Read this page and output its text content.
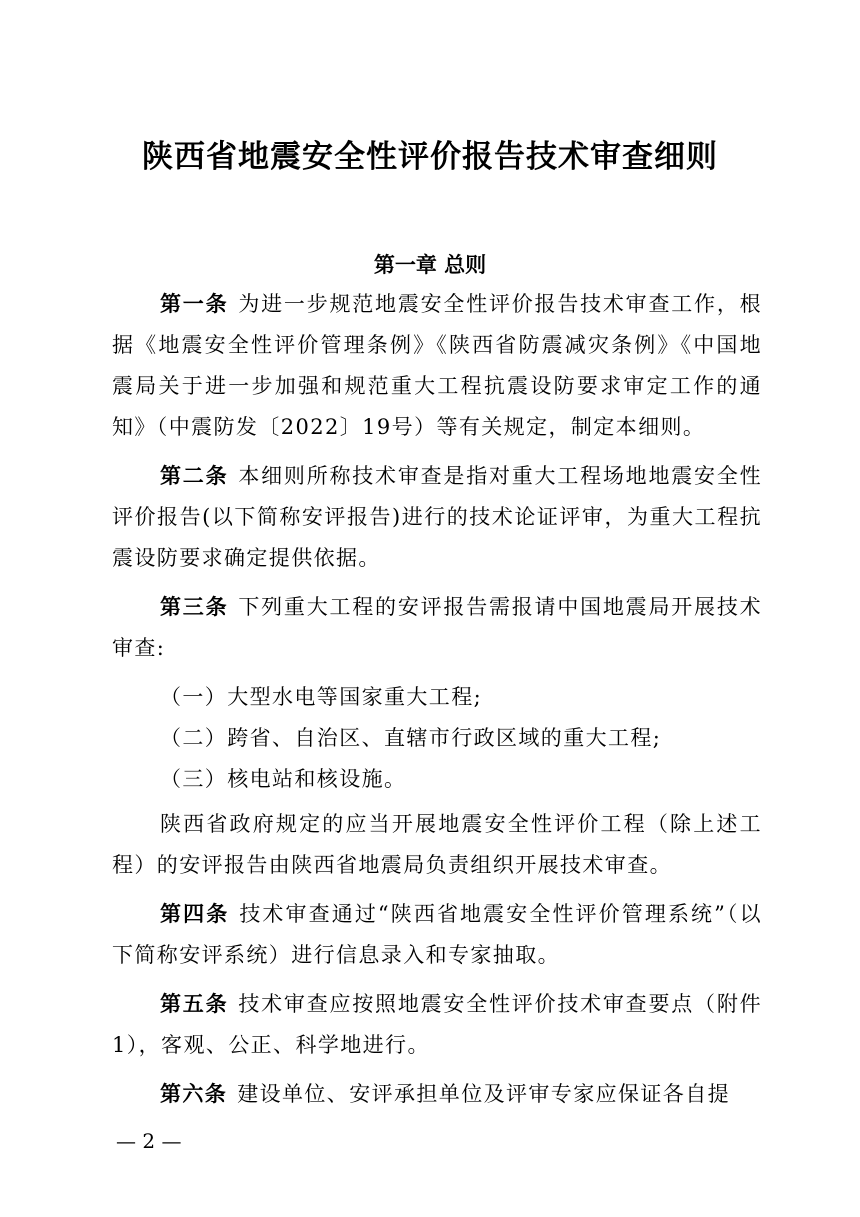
陕西省地震安全性评价报告技术审查细则
第一章 总则

第一条 为进一步规范地震安全性评价报告技术审查工作，根据《地震安全性评价管理条例》《陕西省防震减灾条例》《中国地震局关于进一步加强和规范重大工程抗震设防要求审定工作的通知》（中震防发〔2022〕19号）等有关规定，制定本细则。

第二条 本细则所称技术审查是指对重大工程场地地震安全性评价报告(以下简称安评报告)进行的技术论证评审，为重大工程抗震设防要求确定提供依据。

第三条 下列重大工程的安评报告需报请中国地震局开展技术审查:

（一）大型水电等国家重大工程;

（二）跨省、自治区、直辖市行政区域的重大工程;

（三）核电站和核设施。

陕西省政府规定的应当开展地震安全性评价工程（除上述工程）的安评报告由陕西省地震局负责组织开展技术审查。

第四条 技术审查通过“陕西省地震安全性评价管理系统”（以下简称安评系统）进行信息录入和专家抽取。

第五条 技术审查应按照地震安全性评价技术审查要点（附件1），客观、公正、科学地进行。

第六条 建设单位、安评承担单位及评审专家应保证各自提

— 2 —
